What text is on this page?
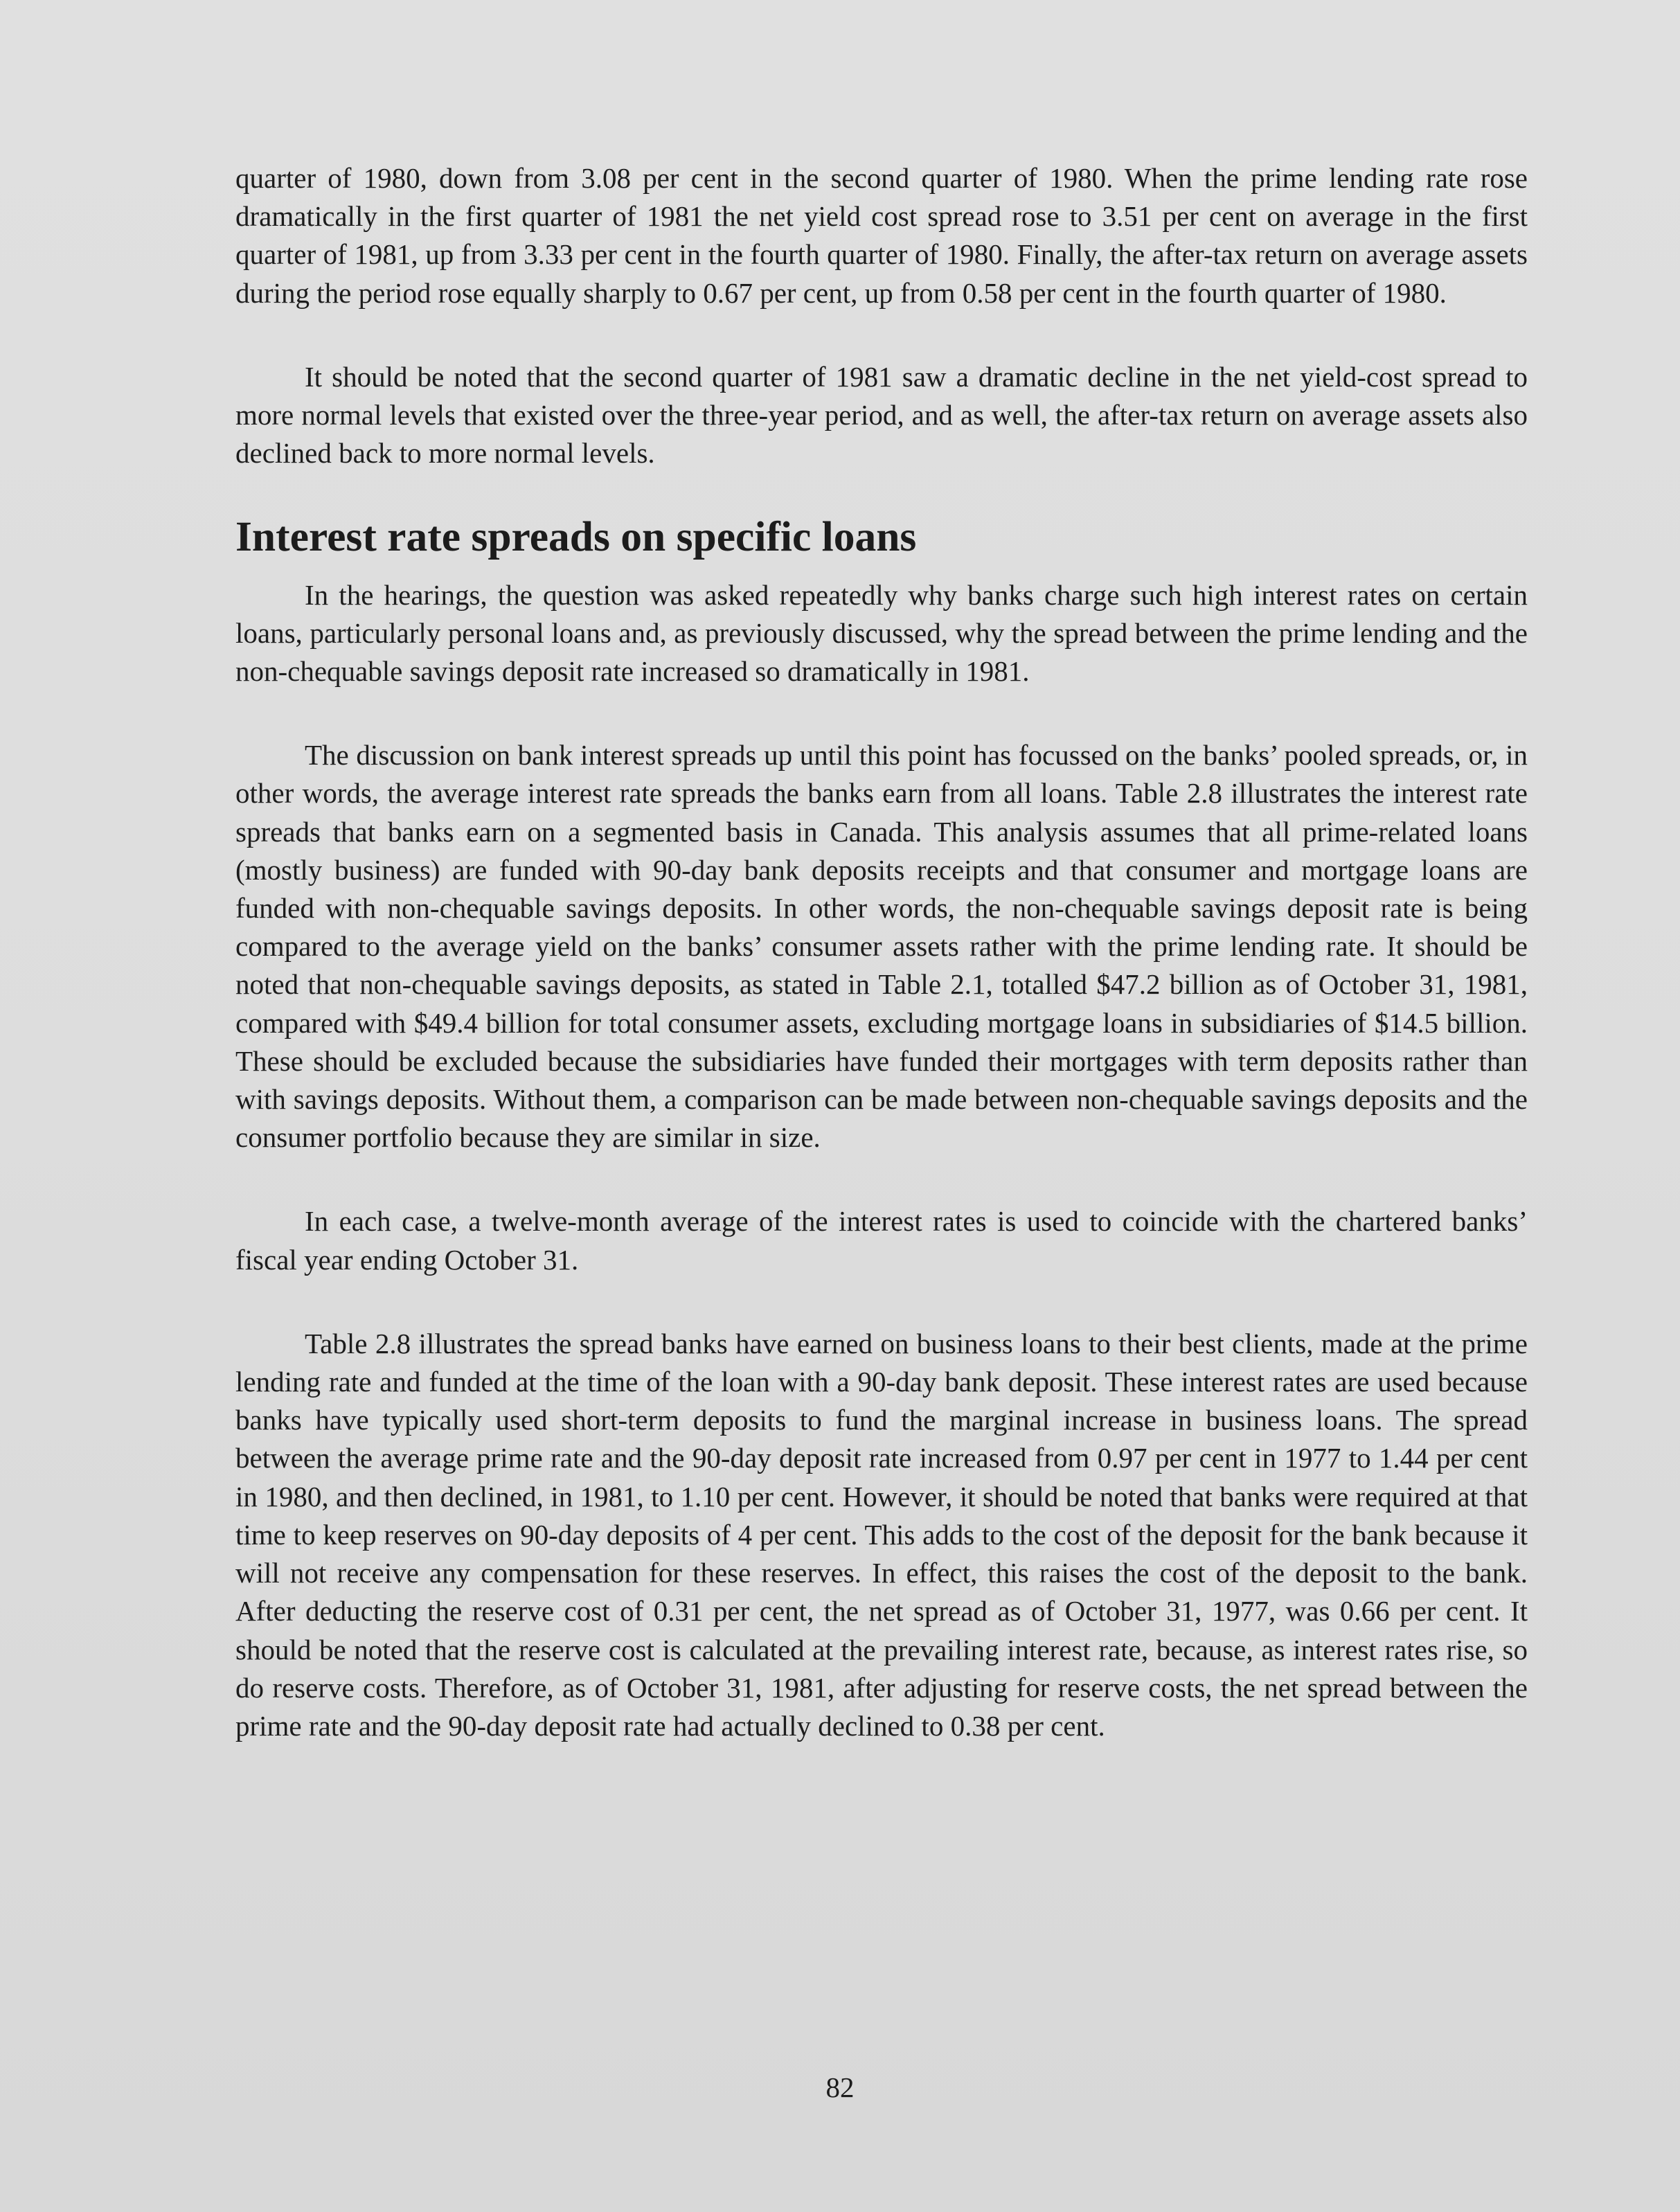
quarter of 1980, down from 3.08 per cent in the second quarter of 1980. When the prime lending rate rose dramatically in the first quarter of 1981 the net yield cost spread rose to 3.51 per cent on average in the first quarter of 1981, up from 3.33 per cent in the fourth quarter of 1980. Finally, the after-tax return on average assets during the period rose equally sharply to 0.67 per cent, up from 0.58 per cent in the fourth quarter of 1980.

It should be noted that the second quarter of 1981 saw a dramatic decline in the net yield-cost spread to more normal levels that existed over the three-year period, and as well, the after-tax return on average assets also declined back to more normal levels.

Interest rate spreads on specific loans

In the hearings, the question was asked repeatedly why banks charge such high interest rates on certain loans, particularly personal loans and, as previously discussed, why the spread between the prime lending and the non-chequable savings deposit rate increased so dramatically in 1981.

The discussion on bank interest spreads up until this point has focussed on the banks’ pooled spreads, or, in other words, the average interest rate spreads the banks earn from all loans. Table 2.8 illustrates the interest rate spreads that banks earn on a segmented basis in Canada. This analysis assumes that all prime-related loans (mostly business) are funded with 90-day bank deposits receipts and that consumer and mortgage loans are funded with non-chequable savings deposits. In other words, the non-chequable savings deposit rate is being compared to the average yield on the banks’ consumer assets rather with the prime lending rate. It should be noted that non-chequable savings deposits, as stated in Table 2.1, totalled $47.2 billion as of October 31, 1981, compared with $49.4 billion for total consumer assets, excluding mortgage loans in subsidiaries of $14.5 billion. These should be excluded because the subsidiaries have funded their mortgages with term deposits rather than with savings deposits. Without them, a comparison can be made between non-chequable savings deposits and the consumer portfolio because they are similar in size.

In each case, a twelve-month average of the interest rates is used to coincide with the chartered banks’ fiscal year ending October 31.

Table 2.8 illustrates the spread banks have earned on business loans to their best clients, made at the prime lending rate and funded at the time of the loan with a 90-day bank deposit. These interest rates are used because banks have typically used short-term deposits to fund the marginal increase in business loans. The spread between the average prime rate and the 90-day deposit rate increased from 0.97 per cent in 1977 to 1.44 per cent in 1980, and then declined, in 1981, to 1.10 per cent. However, it should be noted that banks were required at that time to keep reserves on 90-day deposits of 4 per cent. This adds to the cost of the deposit for the bank because it will not receive any compensation for these reserves. In effect, this raises the cost of the deposit to the bank. After deducting the reserve cost of 0.31 per cent, the net spread as of October 31, 1977, was 0.66 per cent. It should be noted that the reserve cost is calculated at the prevailing interest rate, because, as interest rates rise, so do reserve costs. Therefore, as of October 31, 1981, after adjusting for reserve costs, the net spread between the prime rate and the 90-day deposit rate had actually declined to 0.38 per cent.

82
